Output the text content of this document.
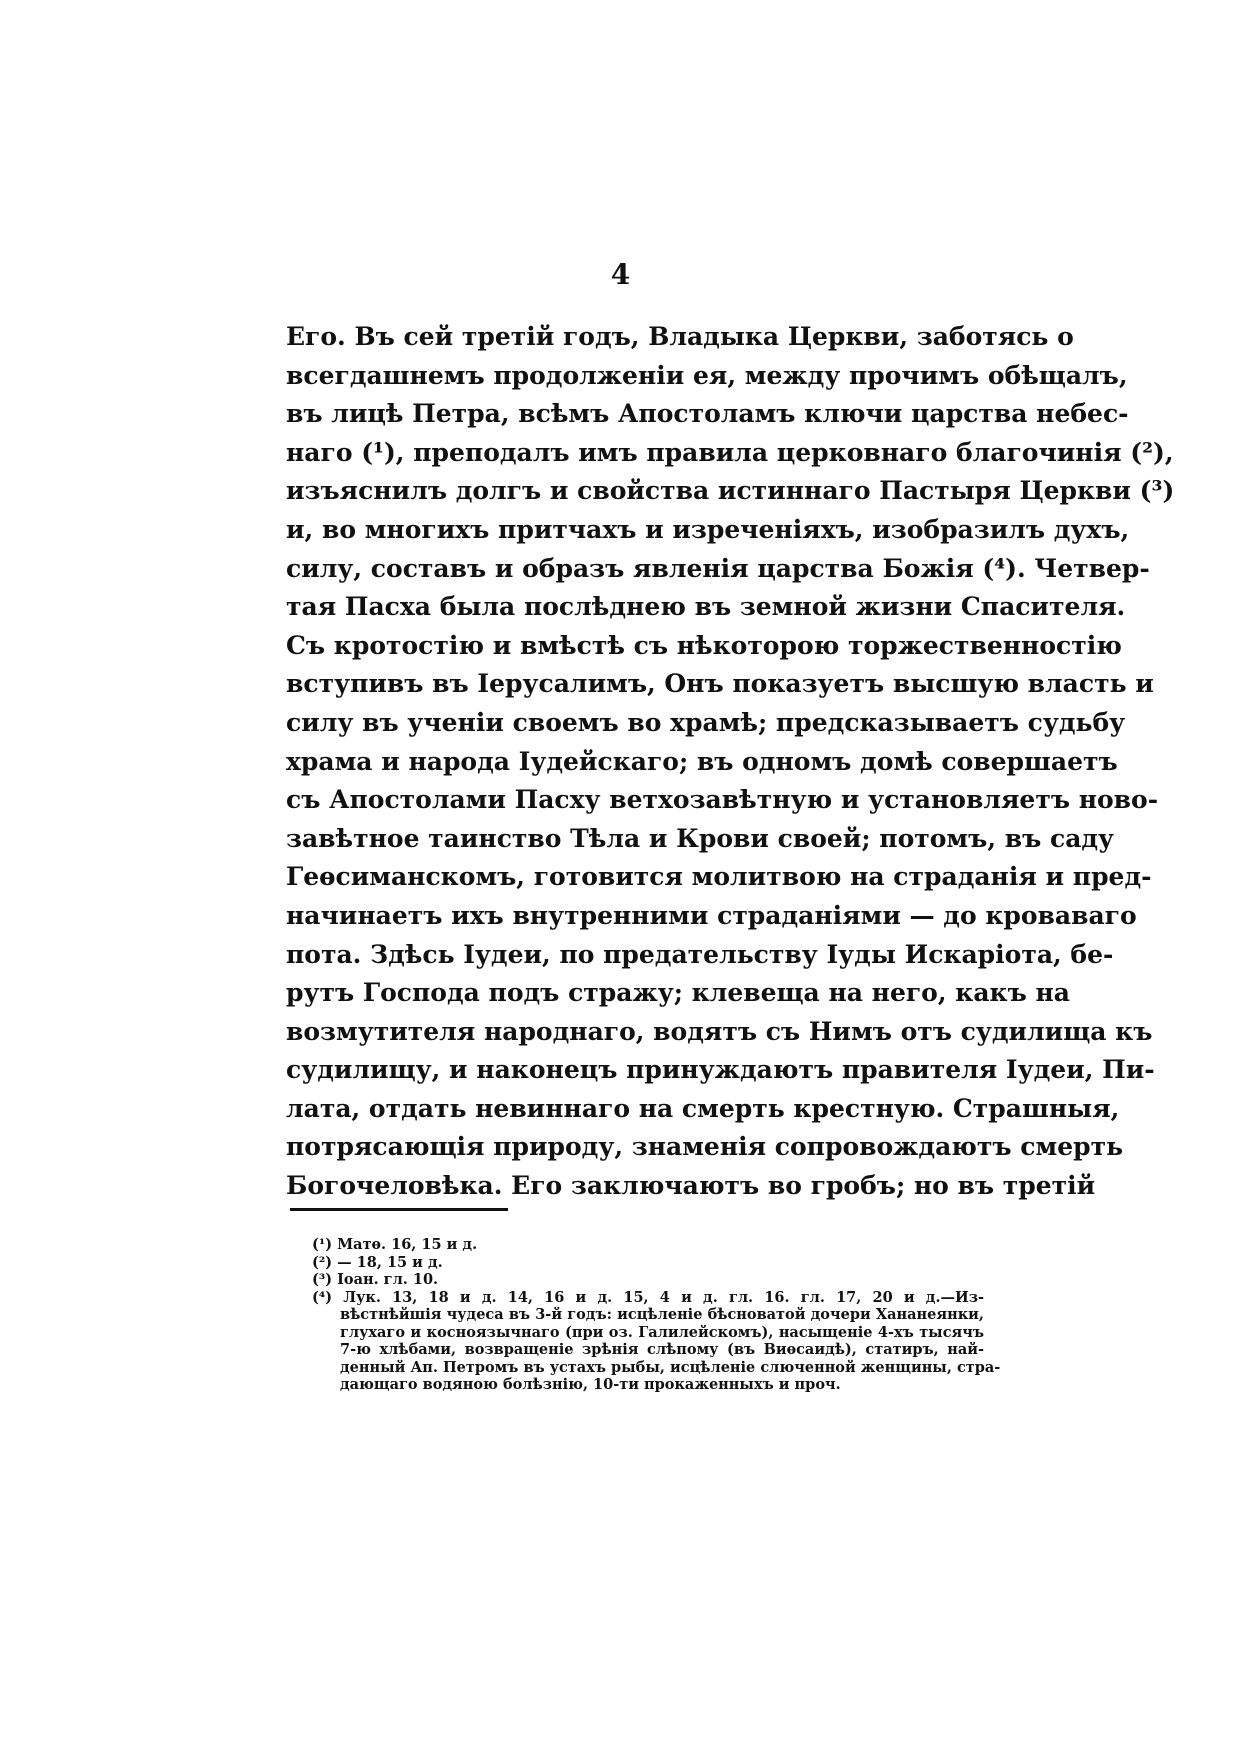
4
Его. Въ сей третій годъ, Владыка Церкви, заботясь о
всегдашнемъ продолженіи ея, между прочимъ обѣщалъ,
въ лицѣ Петра, всѣмъ Апостоламъ ключи царства небес-
наго (¹), преподалъ имъ правила церковнаго благочинія (²),
изъяснилъ долгъ и свойства истиннаго Пастыря Церкви (³)
и, во многихъ притчахъ и изреченіяхъ, изобразилъ духъ,
силу, составъ и образъ явленія царства Божія (⁴). Четвер-
тая Пасха была послѣднею въ земной жизни Спасителя.
Съ кротостію и вмѣстѣ съ нѣкоторою торжественностію
вступивъ въ Іерусалимъ, Онъ показуетъ высшую власть и
силу въ ученіи своемъ во храмѣ; предсказываетъ судьбу
храма и народа Іудейскаго; въ одномъ домѣ совершаетъ
съ Апостолами Пасху ветхозавѣтную и установляетъ ново-
завѣтное таинство Тѣла и Крови своей; потомъ, въ саду
Геѳсиманскомъ, готовится молитвою на страданія и пред-
начинаетъ ихъ внутренними страданіями — до кроваваго
пота. Здѣсь Іудеи, по предательству Іуды Искаріота, бе-
рутъ Господа подъ стражу; клевеща на него, какъ на
возмутителя народнаго, водятъ съ Нимъ отъ судилища къ
судилищу, и наконецъ принуждаютъ правителя Іудеи, Пи-
лата, отдать невиннаго на смерть крестную. Страшныя,
потрясающія природу, знаменія сопровождаютъ смерть
Богочеловѣка. Его заключаютъ во гробъ; но въ третій
(¹) Матѳ. 16, 15 и д.
(²) — 18, 15 и д.
(³) Іоан. гл. 10.
(⁴) Лук. 13, 18 и д. 14, 16 и д. 15, 4 и д. гл. 16. гл. 17, 20 и д.—Из-
вѣстнѣйшія чудеса въ 3-й годъ: исцѣленіе бѣсноватой дочери Хананеянки,
глухаго и косноязычнаго (при оз. Галилейскомъ), насыщеніе 4-хъ тысячъ
7-ю хлѣбами, возвращеніе зрѣнія слѣпому (въ Виѳсаидѣ), статиръ, най-
денный Ап. Петромъ въ устахъ рыбы, исцѣленіе слюченной женщины, стра-
дающаго водяною болѣзнію, 10-ти прокаженныхъ и проч.
